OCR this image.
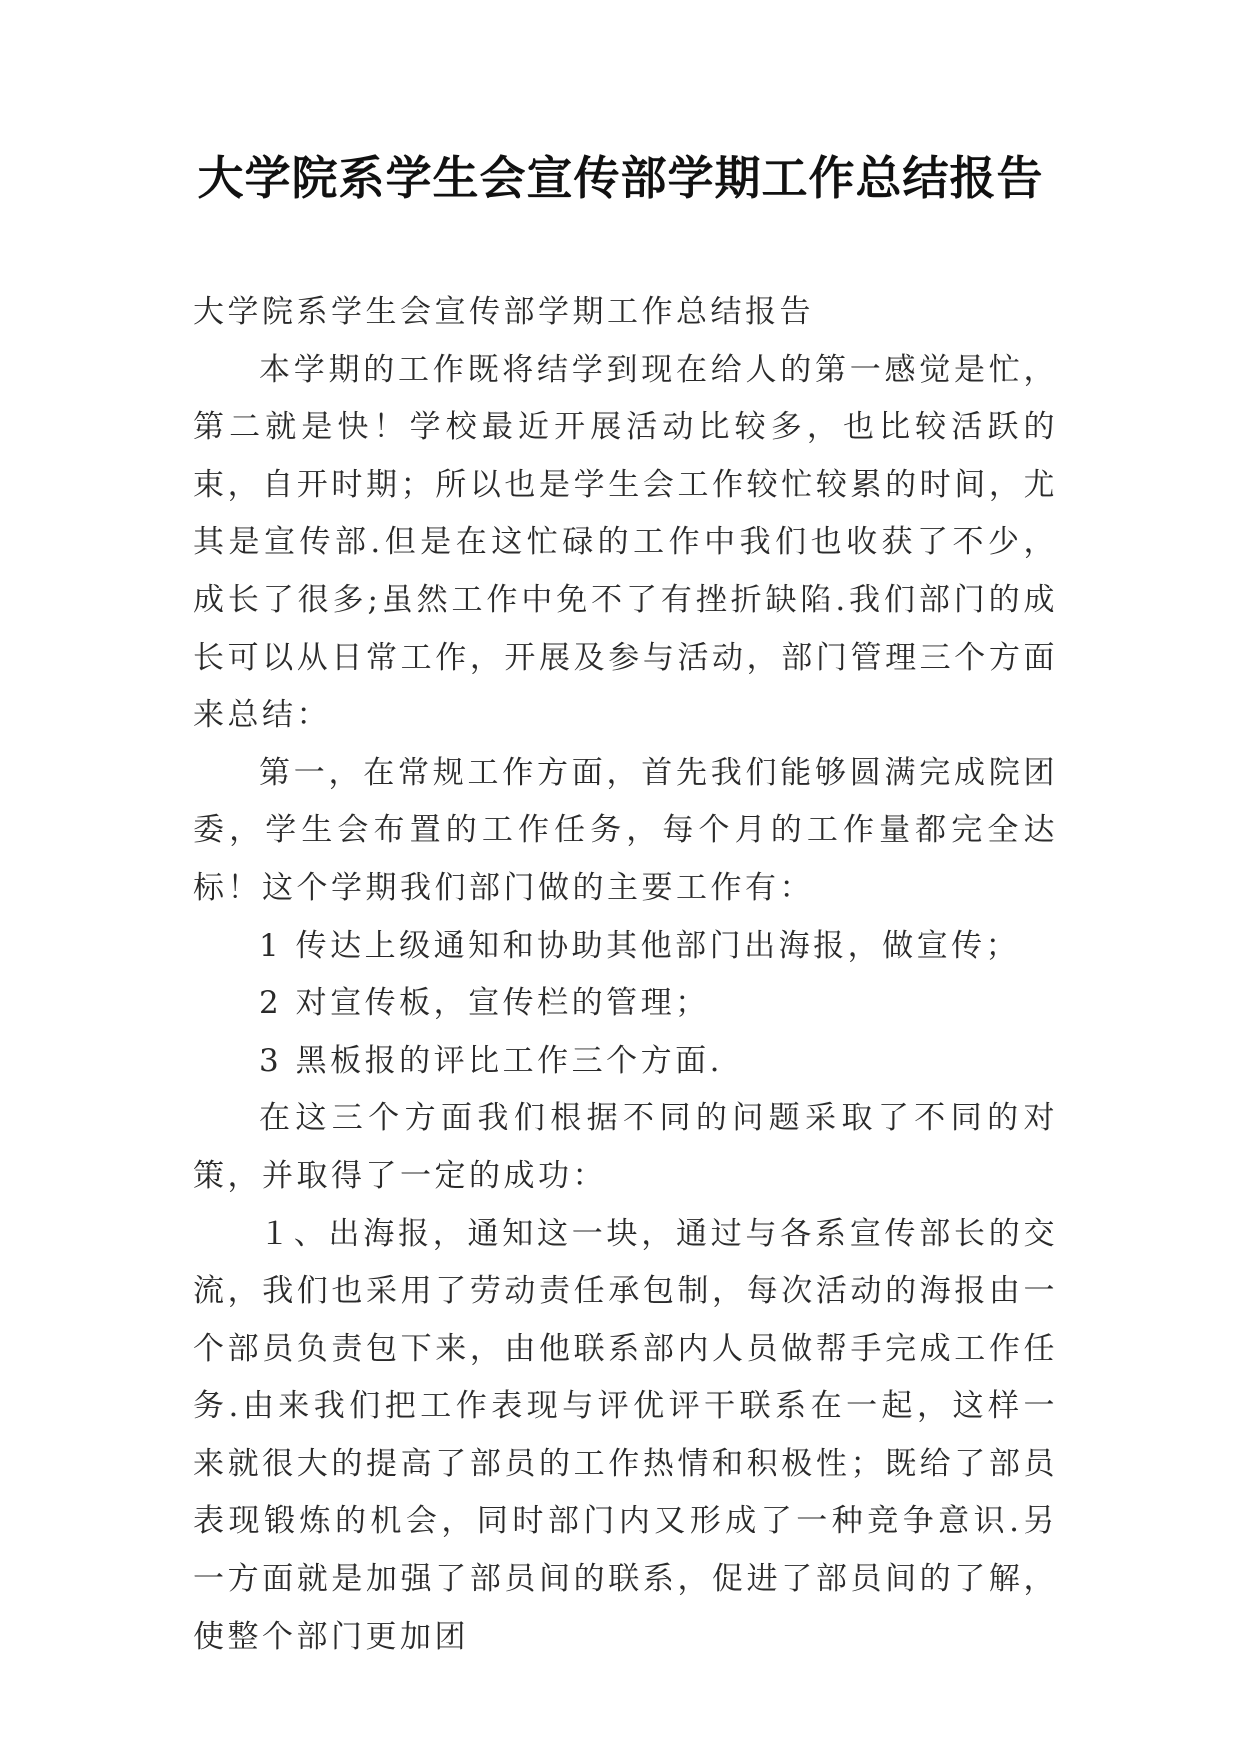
大学院系学生会宣传部学期工作总结报告

大学院系学生会宣传部学期工作总结报告

本学期的工作既将结学到现在给人的第一感觉是忙，第二就是快！学校最近开展活动比较多，也比较活跃的束，自开时期；所以也是学生会工作较忙较累的时间，尤其是宣传部.但是在这忙碌的工作中我们也收获了不少，成长了很多;虽然工作中免不了有挫折缺陷.我们部门的成长可以从日常工作，开展及参与活动，部门管理三个方面来总结：

第一，在常规工作方面，首先我们能够圆满完成院团委，学生会布置的工作任务，每个月的工作量都完全达标！这个学期我们部门做的主要工作有：

1 传达上级通知和协助其他部门出海报，做宣传；

2 对宣传板，宣传栏的管理；

3 黑板报的评比工作三个方面.

在这三个方面我们根据不同的问题采取了不同的对策，并取得了一定的成功：

１、出海报，通知这一块，通过与各系宣传部长的交流，我们也采用了劳动责任承包制，每次活动的海报由一个部员负责包下来，由他联系部内人员做帮手完成工作任务.由来我们把工作表现与评优评干联系在一起，这样一来就很大的提高了部员的工作热情和积极性；既给了部员表现锻炼的机会，同时部门内又形成了一种竞争意识.另一方面就是加强了部员间的联系，促进了部员间的了解，使整个部门更加团
